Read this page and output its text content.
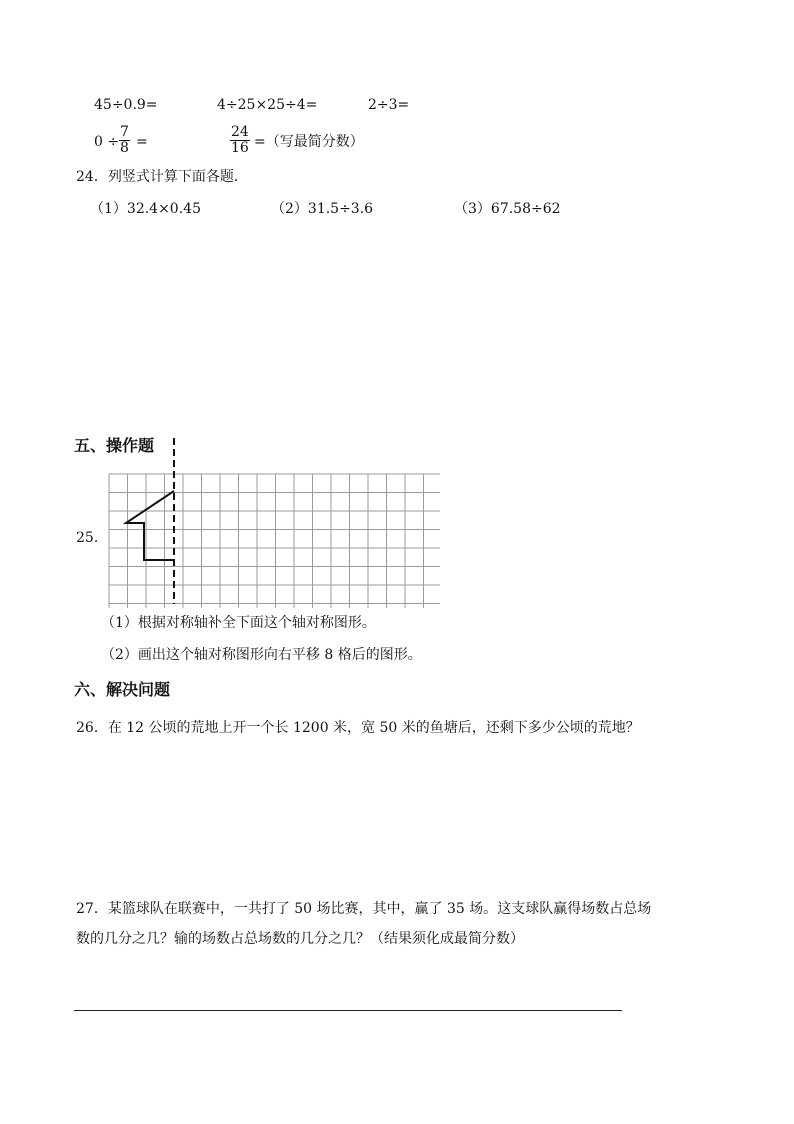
45÷0.9=	4÷25×25÷4=	2÷3=
0 ÷
7
8 =
24
16 =（写最简分数）
24．列竖式计算下面各题．
（1）32.4×0.45	（2）31.5÷3.6	（3）67.58÷62
五、操作题
25．
（1）根据对称轴补全下面这个轴对称图形。
（2）画出这个轴对称图形向右平移 8 格后的图形。
六、解决问题
26．在 12 公顷的荒地上开一个长 1200 米，宽 50 米的鱼塘后，还剩下多少公顷的荒地？
27．某篮球队在联赛中，一共打了 50 场比赛，其中，赢了 35 场。这支球队赢得场数占总场
数的几分之几？输的场数占总场数的几分之几？（结果须化成最简分数）
